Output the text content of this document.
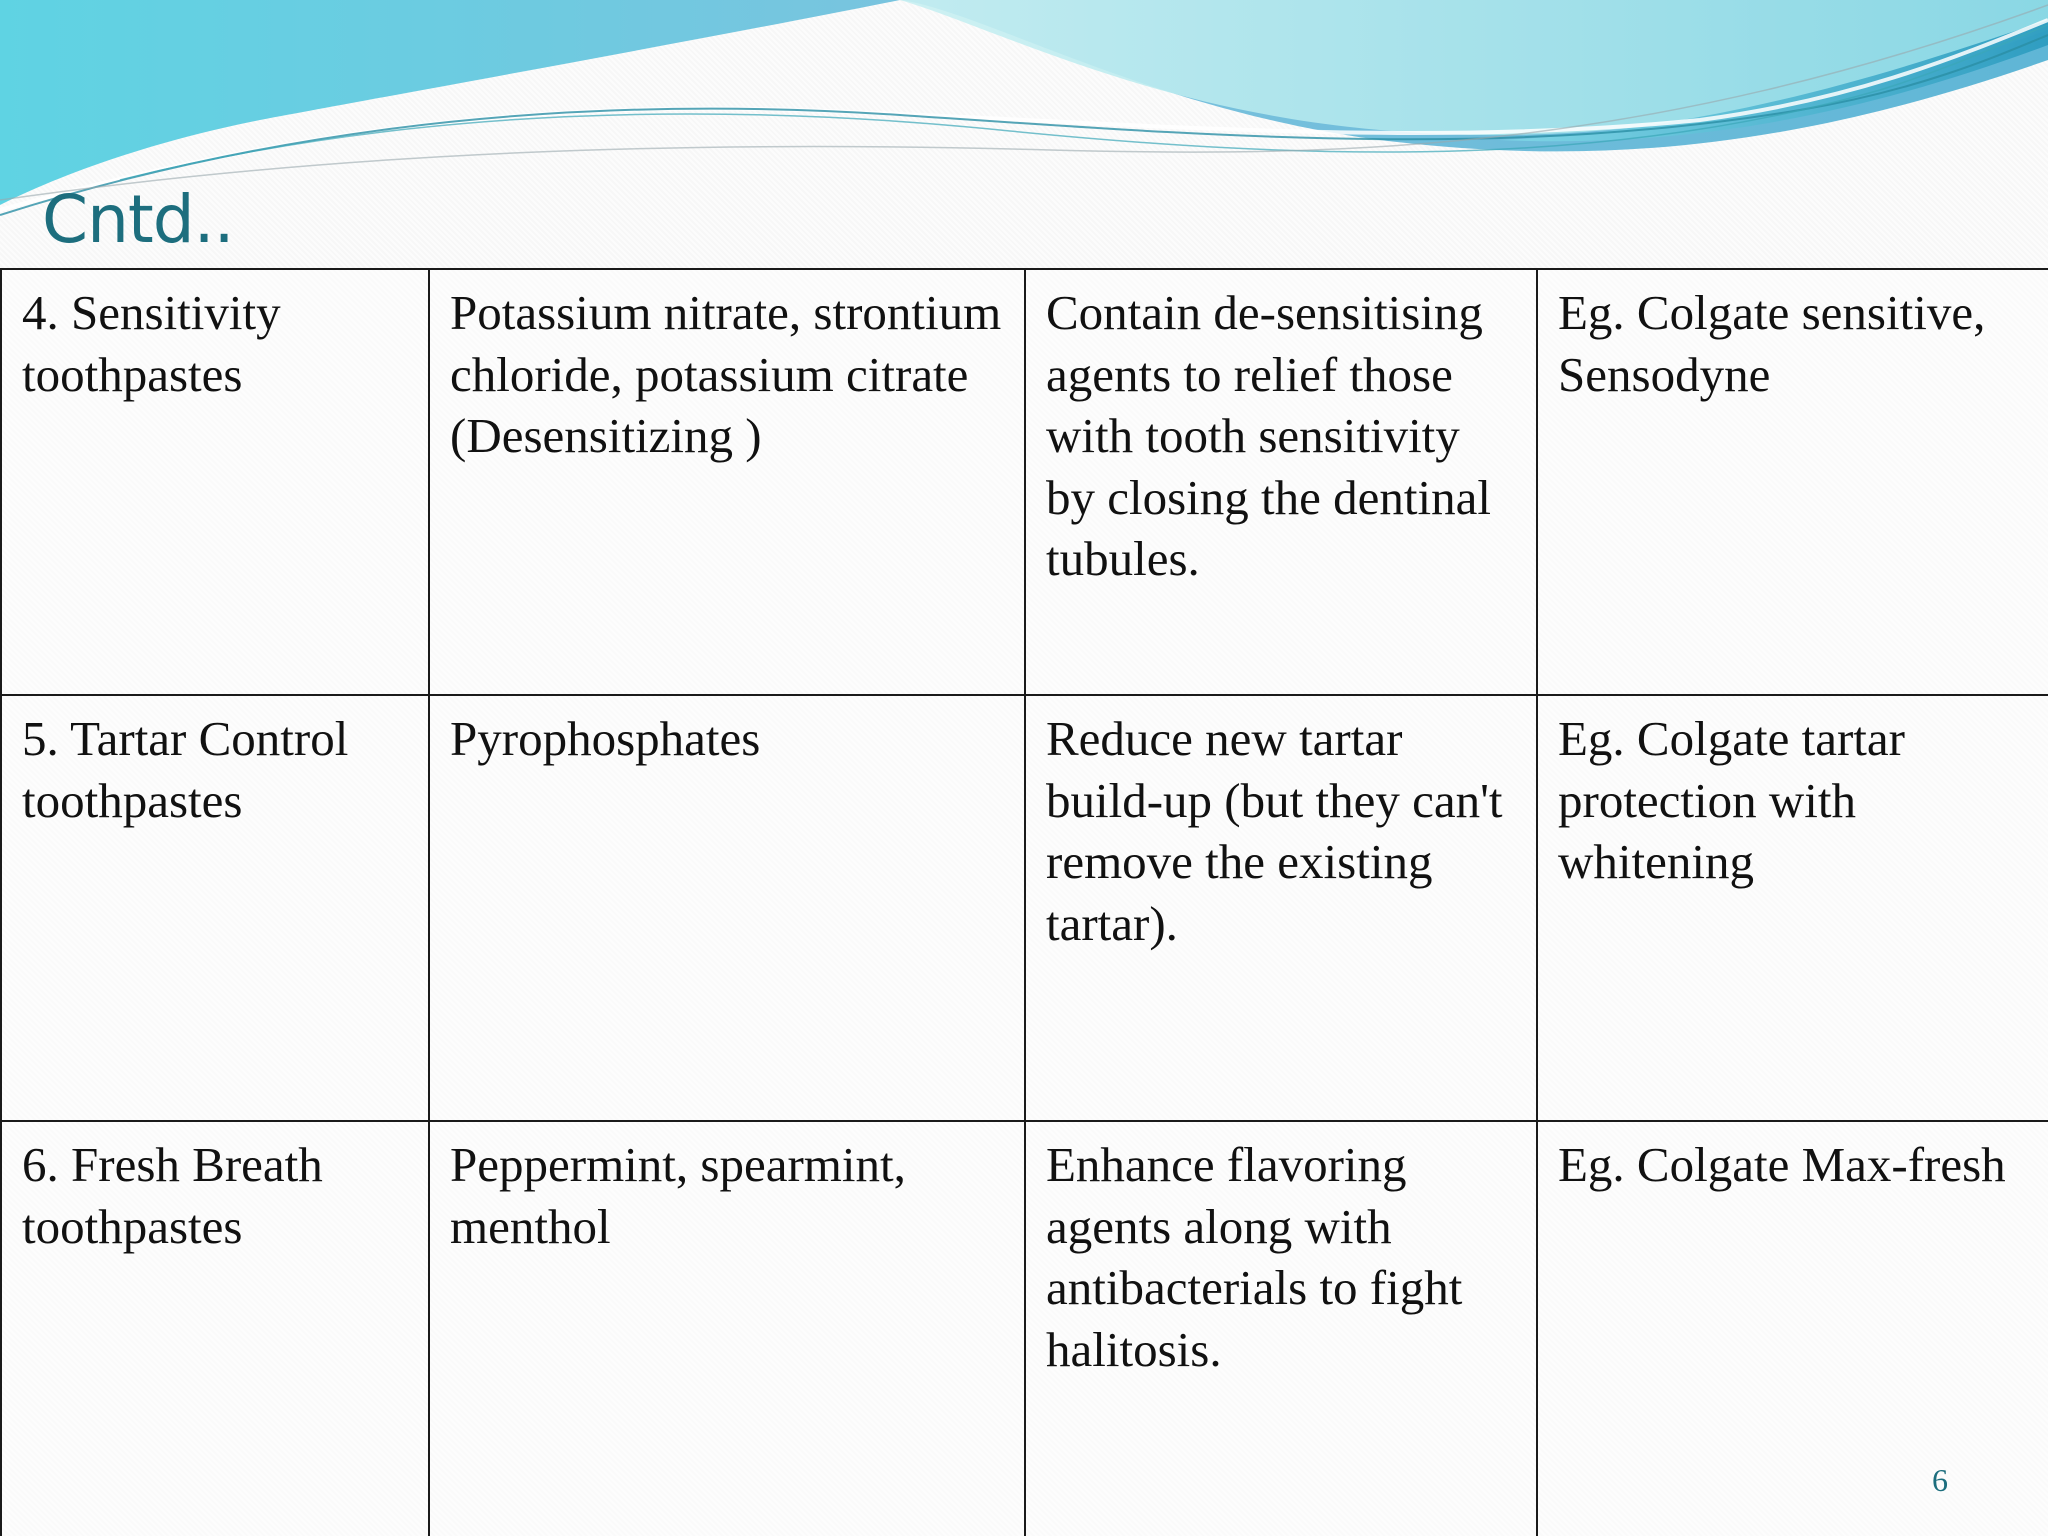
Cntd..
4. Sensitivity toothpastes	Potassium nitrate, strontium chloride, potassium citrate (Desensitizing )	Contain de-sensitising agents to relief those with tooth sensitivity by closing the dentinal tubules.	Eg. Colgate sensitive, Sensodyne
5. Tartar Control toothpastes	Pyrophosphates	Reduce new tartar build-up (but they can't remove the existing tartar).	Eg. Colgate tartar protection with whitening
6. Fresh Breath toothpastes	Peppermint, spearmint, menthol	Enhance flavoring agents along with antibacterials to fight halitosis.	Eg. Colgate Max-fresh
6
